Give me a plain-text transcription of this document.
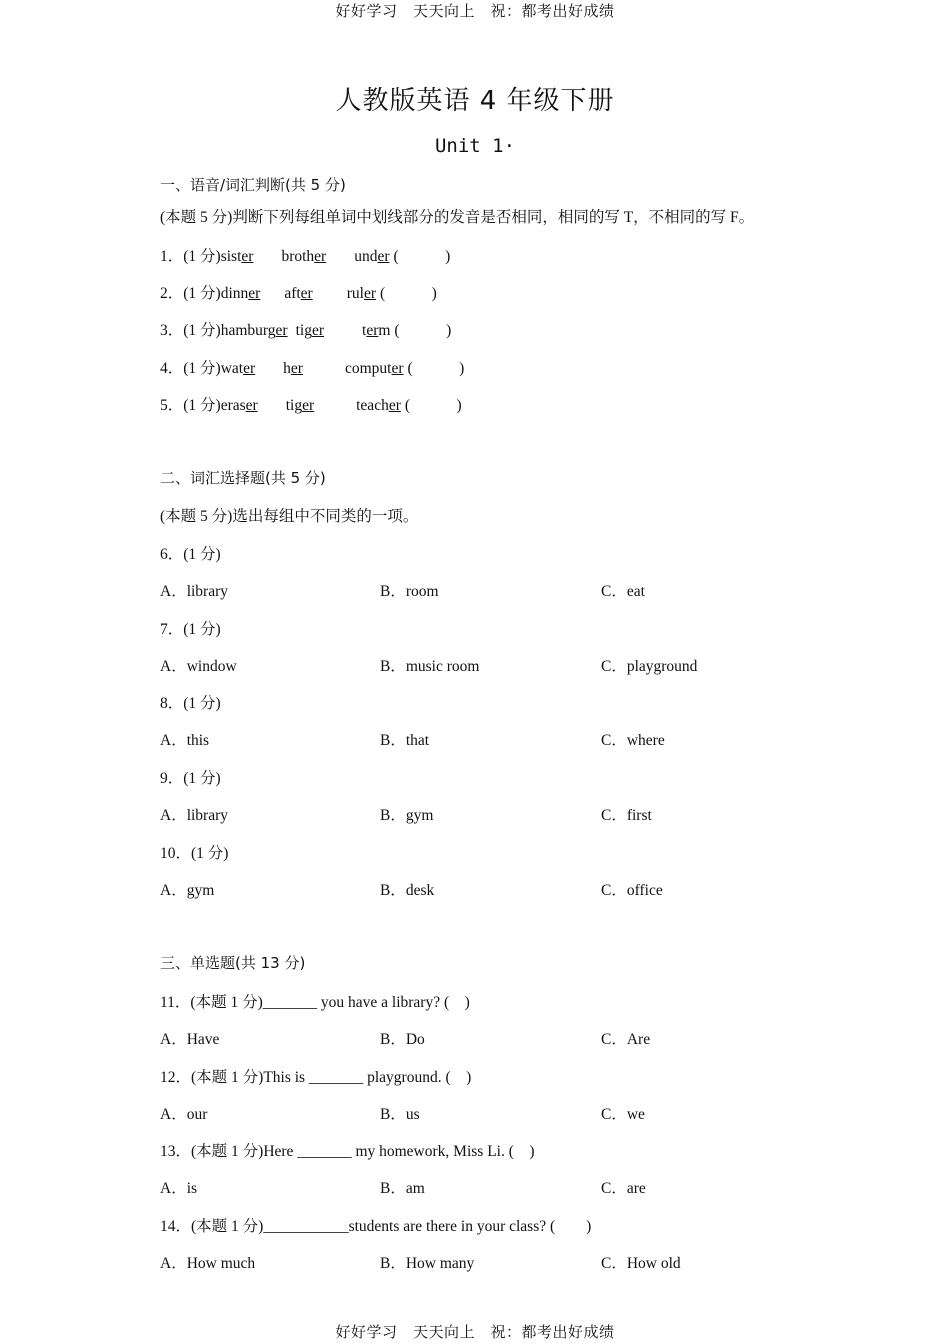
好好学习　天天向上　祝：都考出好成绩
人教版英语 4 年级下册
Unit 1·
一、语音/词汇判断(共 5 分)
(本题 5 分)判断下列每组单词中划线部分的发音是否相同，相同的写 T，不相同的写 F。
1．(1 分)sister brother under (　　　)
2．(1 分)dinner after ruler (　　　)
3．(1 分)hamburger tiger term (　　　)
4．(1 分)water her	computer (　　　)
5．(1 分)eraser tiger	teacher (　　　)
二、词汇选择题(共 5 分)
(本题 5 分)选出每组中不同类的一项。
6．(1 分)
A．library	B．room	C．eat
7．(1 分)
A．window	B．music room	C．playground
8．(1 分)
A．this	B．that	C．where
9．(1 分)
A．library	B．gym	C．first
10．(1 分)
A．gym	B．desk	C．office
三、单选题(共 13 分)
11．(本题 1 分)_______ you have a library? (　)
A．Have	B．Do	C．Are
12．(本题 1 分)This is _______ playground. (　)
A．our	B．us	C．we
13．(本题 1 分)Here _______ my homework, Miss Li. (　)
A．is	B．am	C．are
14．(本题 1 分)___________students are there in your class? (　　)
A．How much	B．How many	C．How old
好好学习　天天向上　祝：都考出好成绩
